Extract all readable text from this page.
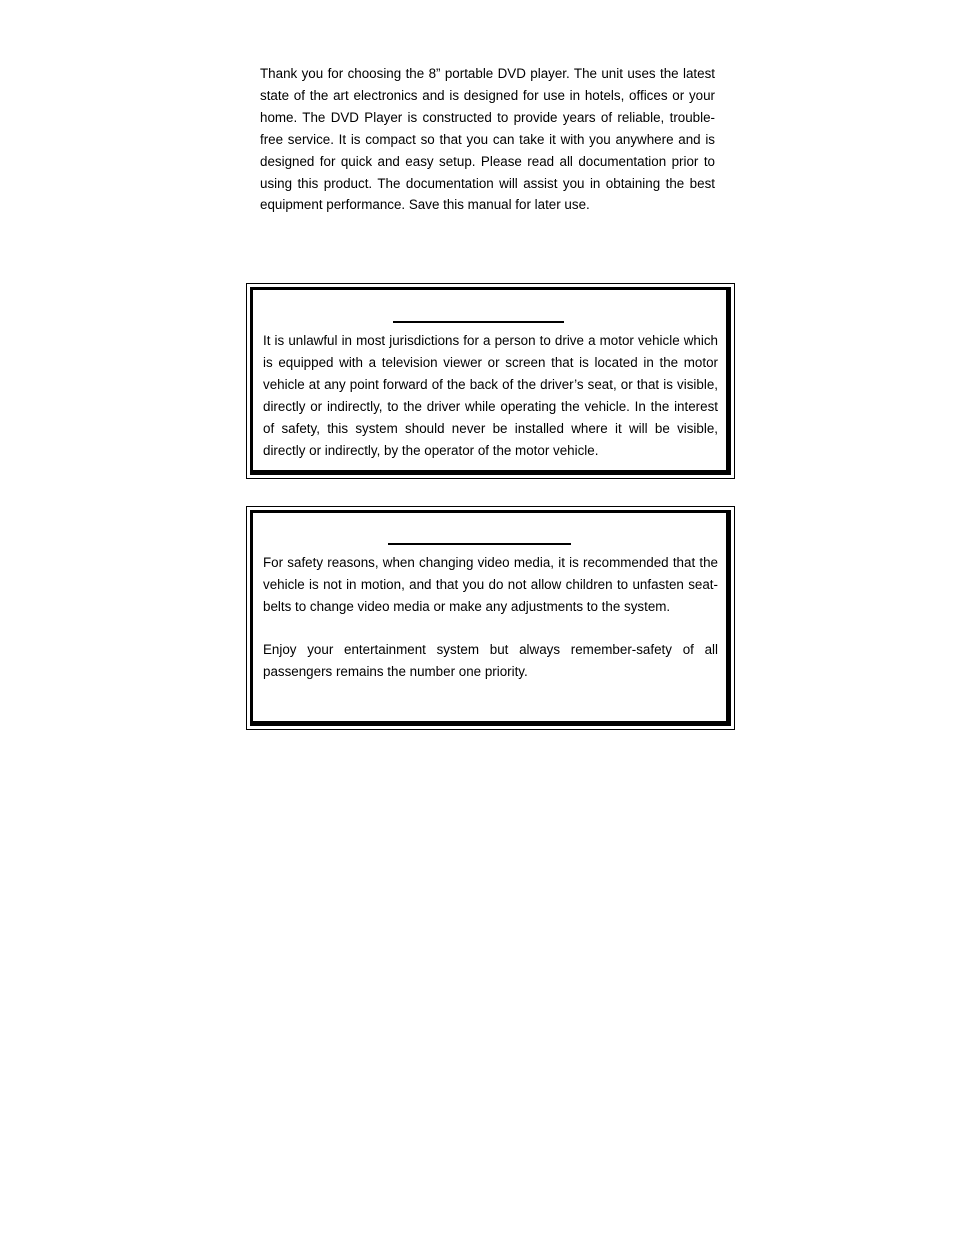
Thank you for choosing the 8” portable DVD player. The unit uses the latest state of the art electronics and is designed for use in hotels, offices or your home. The DVD Player is constructed to provide years of reliable, trouble-free service. It is compact so that you can take it with you anywhere and is designed for quick and easy setup. Please read all documentation prior to using this product. The documentation will assist you in obtaining the best equipment performance. Save this manual for later use.

It is unlawful in most jurisdictions for a person to drive a motor vehicle which is equipped with a television viewer or screen that is located in the motor vehicle at any point forward of the back of the driver’s seat, or that is visible, directly or indirectly, to the driver while operating the vehicle. In the interest of safety, this system should never be installed where it will be visible, directly or indirectly, by the operator of the motor vehicle.

For safety reasons, when changing video media, it is recommended that the vehicle is not in motion, and that you do not allow children to unfasten seat-belts to change video media or make any adjustments to the system.
Enjoy your entertainment system but always remember-safety of all passengers remains the number one priority.
